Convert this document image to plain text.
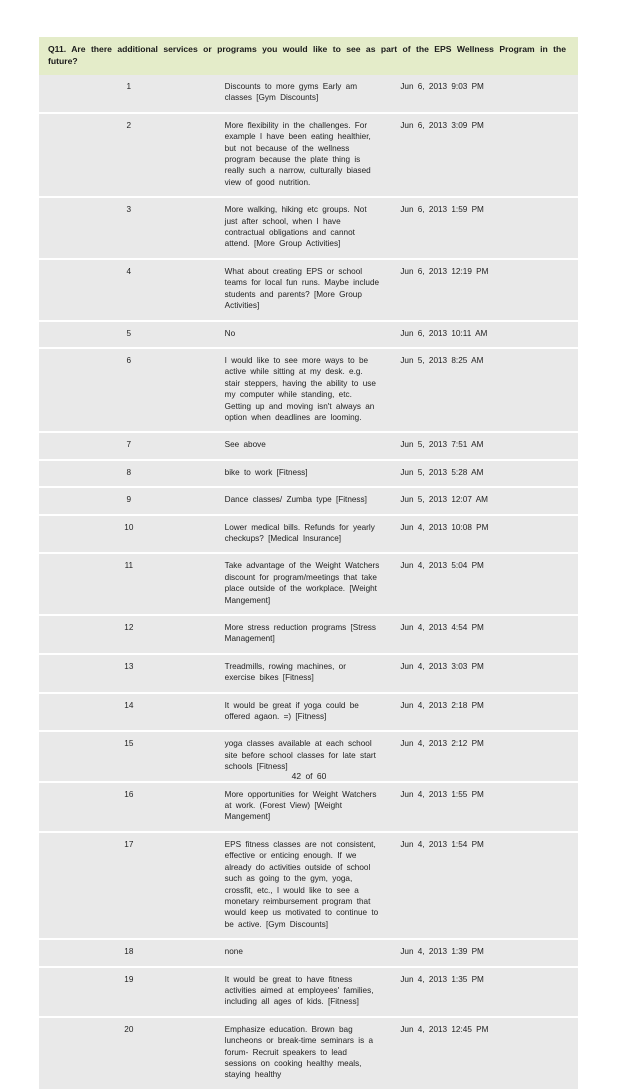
Q11. Are there additional services or programs you would like to see as part of the EPS Wellness Program in the future?		
1	Discounts to more gyms Early am classes [Gym Discounts]	Jun 6, 2013 9:03 PM
2	More flexibility in the challenges. For example I have been eating healthier, but not because of the wellness program because the plate thing is really such a narrow, culturally biased view of good nutrition.	Jun 6, 2013 3:09 PM
3	More walking, hiking etc groups. Not just after school, when I have contractual obligations and cannot attend. [More Group Activities]	Jun 6, 2013 1:59 PM
4	What about creating EPS or school teams for local fun runs. Maybe include students and parents? [More Group Activities]	Jun 6, 2013 12:19 PM
5	No	Jun 6, 2013 10:11 AM
6	I would like to see more ways to be active while sitting at my desk. e.g. stair steppers, having the ability to use my computer while standing, etc. Getting up and moving isn't always an option when deadlines are looming.	Jun 5, 2013 8:25 AM
7	See above	Jun 5, 2013 7:51 AM
8	bike to work [Fitness]	Jun 5, 2013 5:28 AM
9	Dance classes/ Zumba type [Fitness]	Jun 5, 2013 12:07 AM
10	Lower medical bills. Refunds for yearly checkups? [Medical Insurance]	Jun 4, 2013 10:08 PM
11	Take advantage of the Weight Watchers discount for program/meetings that take place outside of the workplace. [Weight Mangement]	Jun 4, 2013 5:04 PM
12	More stress reduction programs [Stress Management]	Jun 4, 2013 4:54 PM
13	Treadmills, rowing machines, or exercise bikes [Fitness]	Jun 4, 2013 3:03 PM
14	It would be great if yoga could be offered agaon. =) [Fitness]	Jun 4, 2013 2:18 PM
15	yoga classes available at each school site before school classes for late start schools [Fitness]	Jun 4, 2013 2:12 PM
16	More opportunities for Weight Watchers at work. (Forest View) [Weight Mangement]	Jun 4, 2013 1:55 PM
17	EPS fitness classes are not consistent, effective or enticing enough. If we already do activities outside of school such as going to the gym, yoga, crossfit, etc., I would like to see a monetary reimbursement program that would keep us motivated to continue to be active. [Gym Discounts]	Jun 4, 2013 1:54 PM
18	none	Jun 4, 2013 1:39 PM
19	It would be great to have fitness activities aimed at employees' families, including all ages of kids. [Fitness]	Jun 4, 2013 1:35 PM
20	Emphasize education. Brown bag luncheons or break-time seminars is a forum- Recruit speakers to lead sessions on cooking healthy meals, staying healthy	Jun 4, 2013 12:45 PM
42 of 60
